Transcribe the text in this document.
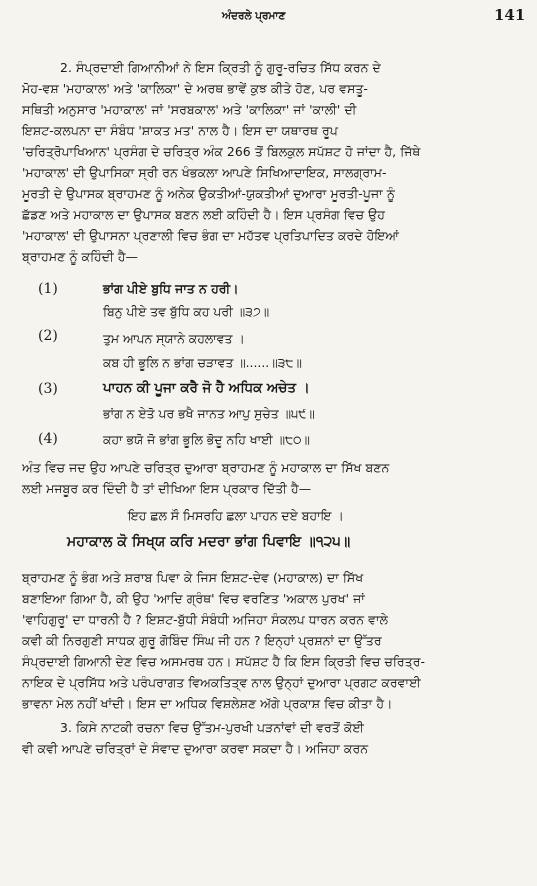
ਅੰਦਰਲੇ ਪ੍ਰਮਾਣ	141
2. ਸੰਪ੍ਰਦਾਈ ਗਿਆਨੀਆਂ ਨੇ ਇਸ ਕ੍ਰਿਤੀ ਨੂੰ ਗੁਰੂ-ਰਚਿਤ ਸਿੱਧ ਕਰਨ ਦੇ
ਮੋਹ-ਵਸ਼ 'ਮਹਾਕਾਲ' ਅਤੇ 'ਕਾਲਿਕਾ' ਦੇ ਅਰਥ ਭਾਵੇਂ ਕੁਝ ਕੀਤੇ ਹੋਣ, ਪਰ ਵਸਤੂ-
ਸਥਿਤੀ ਅਨੁਸਾਰ 'ਮਹਾਕਾਲ' ਜਾਂ 'ਸਰਬਕਾਲ' ਅਤੇ 'ਕਾਲਿਕਾ' ਜਾਂ 'ਕਾਲੀ' ਦੀ
ਇਸ਼ਟ-ਕਲਪਨਾ ਦਾ ਸੰਬੰਧ 'ਸ਼ਾਕਤ ਮਤ' ਨਾਲ ਹੈ। ਇਸ ਦਾ ਯਥਾਰਥ ਰੂਪ
'ਚਰਿਤ੍ਰੋਪਾਖਿਆਨ' ਪ੍ਰਸੰਗ ਦੇ ਚਰਿਤ੍ਰ ਅੰਕ 266 ਤੋਂ ਬਿਲਕੁਲ ਸਪੱਸ਼ਟ ਹੋ ਜਾਂਦਾ ਹੈ, ਜਿੱਥੇ
'ਮਹਾਕਾਲ' ਦੀ ਉਪਾਸਿਕਾ ਸ੍ਰੀ ਰਨ ਖੰਭਕਲਾ ਆਪਣੇ ਸਿਖਿਆਦਾਇਕ, ਸਾਲਗ੍ਰਾਮ-
ਮੂਰਤੀ ਦੇ ਉਪਾਸਕ ਬ੍ਰਾਹਮਣ ਨੂੰ ਅਨੇਕ ਉਕਤੀਆਂ-ਯੁਕਤੀਆਂ ਦੁਆਰਾ ਮੂਰਤੀ-ਪੂਜਾ ਨੂੰ
ਛੱਡਣ ਅਤੇ ਮਹਾਕਾਲ ਦਾ ਉਪਾਸਕ ਬਣਨ ਲਈ ਕਹਿੰਦੀ ਹੈ। ਇਸ ਪ੍ਰਸੰਗ ਵਿਚ ਉਹ
'ਮਹਾਕਾਲ' ਦੀ ਉਪਾਸਨਾ ਪ੍ਰਣਾਲੀ ਵਿਚ ਭੰਗ ਦਾ ਮਹੱਤਵ ਪ੍ਰਤਿਪਾਦਿਤ ਕਰਦੇ ਹੋਇਆਂ
ਬ੍ਰਾਹਮਣ ਨੂੰ ਕਹਿੰਦੀ ਹੈ—
(1)	ਭਾਂਗ ਪੀਏ ਬੁਧਿ ਜਾਤ ਨ ਹਰੀ।
ਬਿਨੁ ਪੀਏ ਤਵ ਬੁੱਧਿ ਕਹ ਪਰੀ ॥੩੭॥
(2)	ਤੁਮ ਆਪਨ ਸ੍ਯਾਨੇ ਕਹਲਾਵਤ ।
ਕਬ ਹੀ ਭੂਲਿ ਨ ਭਾਂਗ ਚੜਾਵਤ ॥......॥੩੮॥
(3)	ਪਾਹਨ ਕੀ ਪੂਜਾ ਕਰੈ ਜੋ ਹੈ ਅਧਿਕ ਅਚੇਤ ।
ਭਾਂਗ ਨ ਏਤੋ ਪਰ ਭਖੈ ਜਾਨਤ ਆਪੁ ਸੁਚੇਤ ॥੫੯॥
(4)	ਕਹਾ ਭਯੋ ਜੋ ਭਾਂਗ ਭੂਲਿ ਭੋਦੂ ਨਹਿ ਖਾਈ ॥੮੦॥
ਅੰਤ ਵਿਚ ਜਦ ਉਹ ਆਪਣੇ ਚਰਿਤ੍ਰ ਦੁਆਰਾ ਬ੍ਰਾਹਮਣ ਨੂੰ ਮਹਾਕਾਲ ਦਾ ਸਿੱਖ ਬਣਨ
ਲਈ ਮਜਬੂਰ ਕਰ ਦਿੰਦੀ ਹੈ ਤਾਂ ਦੀਖਿਆ ਇਸ ਪ੍ਰਕਾਰ ਦਿੱਤੀ ਹੈ—
ਇਹ ਛਲ ਸੌ ਮਿਸਰਹਿ ਛਲਾ ਪਾਹਨ ਦਏ ਬਹਾਇ ।
ਮਹਾਕਾਲ ਕੋ ਸਿਖ੍ਯ ਕਰਿ ਮਦਰਾ ਭਾਂਗ ਪਿਵਾਇ ॥੧੨੫॥
ਬ੍ਰਾਹਮਣ ਨੂੰ ਭੰਗ ਅਤੇ ਸ਼ਰਾਬ ਪਿਵਾ ਕੇ ਜਿਸ ਇਸ਼ਟ-ਦੇਵ (ਮਹਾਕਾਲ) ਦਾ ਸਿੱਖ
ਬਣਾਇਆ ਗਿਆ ਹੈ, ਕੀ ਉਹ 'ਆਦਿ ਗ੍ਰੰਥ' ਵਿਚ ਵਰਣਿਤ 'ਅਕਾਲ ਪੁਰਖ' ਜਾਂ
'ਵਾਹਿਗੁਰੂ' ਦਾ ਧਾਰਨੀ ਹੈ ? ਇਸ਼ਟ-ਬੁੱਧੀ ਸੰਬੰਧੀ ਅਜਿਹਾ ਸੰਕਲਪ ਧਾਰਨ ਕਰਨ ਵਾਲੇ
ਕਵੀ ਕੀ ਨਿਰਗੁਣੀ ਸਾਧਕ ਗੁਰੂ ਗੋਬਿੰਦ ਸਿੰਘ ਜੀ ਹਨ ? ਇਨ੍ਹਾਂ ਪ੍ਰਸ਼ਨਾਂ ਦਾ ਉੱਤਰ
ਸੰਪ੍ਰਦਾਈ ਗਿਆਨੀ ਦੇਣ ਵਿਚ ਅਸਮਰਥ ਹਨ। ਸਪੱਸ਼ਟ ਹੈ ਕਿ ਇਸ ਕ੍ਰਿਤੀ ਵਿਚ ਚਰਿਤ੍ਰ-
ਨਾਇਕ ਦੇ ਪ੍ਰਸਿੱਧ ਅਤੇ ਪਰੰਪਰਾਗਤ ਵਿਅਕਤਿਤ੍ਵ ਨਾਲ ਉਨ੍ਹਾਂ ਦੁਆਰਾ ਪ੍ਰਗਟ ਕਰਵਾਈ
ਭਾਵਨਾ ਮੇਲ ਨਹੀਂ ਖਾਂਦੀ। ਇਸ ਦਾ ਅਧਿਕ ਵਿਸ਼ਲੇਸ਼ਣ ਅੱਗੇ ਪ੍ਰਕਾਸ਼ ਵਿਚ ਕੀਤਾ ਹੈ।
3. ਕਿਸੇ ਨਾਟਕੀ ਰਚਨਾ ਵਿਚ ਉੱਤਮ-ਪੁਰਖੀ ਪੜਨਾਂਵਾਂ ਦੀ ਵਰਤੋਂ ਕੋਈ
ਵੀ ਕਵੀ ਆਪਣੇ ਚਰਿਤ੍ਰਾਂ ਦੇ ਸੰਵਾਦ ਦੁਆਰਾ ਕਰਵਾ ਸਕਦਾ ਹੈ। ਅਜਿਹਾ ਕਰਨ
